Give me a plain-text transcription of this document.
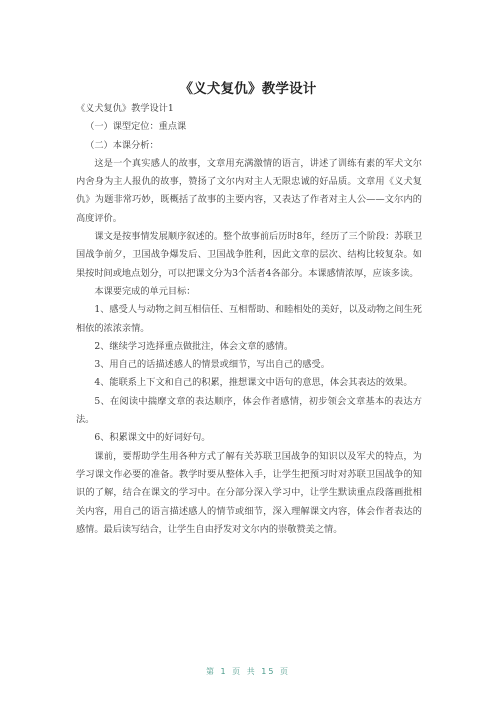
《义犬复仇》教学设计

《义犬复仇》教学设计1

（一）课型定位：重点课

（二）本课分析：

这是一个真实感人的故事，文章用充满激情的语言，讲述了训练有素的军犬文尔内舍身为主人报仇的故事，赞扬了文尔内对主人无限忠诚的好品质。文章用《义犬复仇》为题非常巧妙，既概括了故事的主要内容，又表达了作者对主人公——文尔内的高度评价。

课文是按事情发展顺序叙述的。整个故事前后历时8年，经历了三个阶段：苏联卫国战争前夕，卫国战争爆发后、卫国战争胜利，因此文章的层次、结构比较复杂。如果按时间或地点划分，可以把课文分为3个活者4各部分。本课感情浓厚，应该多读。

本课要完成的单元目标：

1、感受人与动物之间互相信任、互相帮助、和睦相处的美好，以及动物之间生死相依的浓浓亲情。

2、继续学习选择重点做批注，体会文章的感情。

3、用自己的话描述感人的情景或细节，写出自己的感受。

4、能联系上下文和自己的积累，推想课文中语句的意思，体会其表达的效果。

5、在阅读中揣摩文章的表达顺序，体会作者感情，初步领会文章基本的表达方法。

6、积累课文中的好词好句。

课前，要帮助学生用各种方式了解有关苏联卫国战争的知识以及军犬的特点，为学习课文作必要的准备。教学时要从整体入手，让学生把预习时对苏联卫国战争的知识的了解，结合在课文的学习中。在分部分深入学习中，让学生默读重点段落画批相关内容，用自己的语言描述感人的情节或细节，深入理解课文内容，体会作者表达的感情。最后读写结合，让学生自由抒发对文尔内的崇敬赞美之情。

第 1 页 共 15 页
